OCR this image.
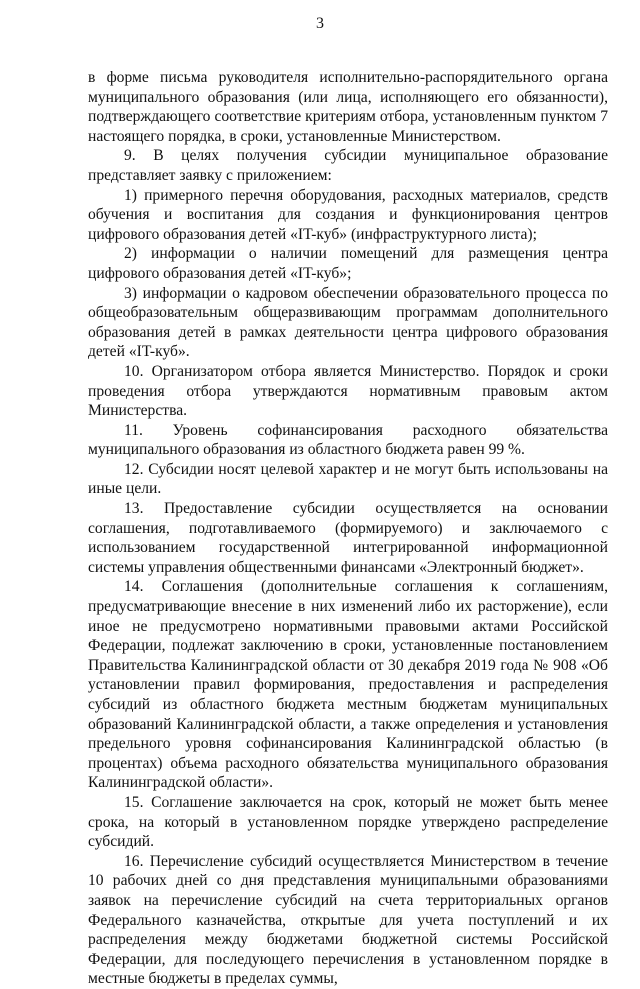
3

в форме письма руководителя исполнительно-распорядительного органа муниципального образования (или лица, исполняющего его обязанности), подтверждающего соответствие критериям отбора, установленным пунктом 7 настоящего порядка, в сроки, установленные Министерством.

9. В целях получения субсидии муниципальное образование представляет заявку с приложением:

1) примерного перечня оборудования, расходных материалов, средств обучения и воспитания для создания и функционирования центров цифрового образования детей «IT-куб» (инфраструктурного листа);

2) информации о наличии помещений для размещения центра цифрового образования детей «IT-куб»;

3) информации о кадровом обеспечении образовательного процесса по общеобразовательным общеразвивающим программам дополнительного образования детей в рамках деятельности центра цифрового образования детей «IT-куб».

10. Организатором отбора является Министерство. Порядок и сроки проведения отбора утверждаются нормативным правовым актом Министерства.

11. Уровень софинансирования расходного обязательства муниципального образования из областного бюджета равен 99 %.

12. Субсидии носят целевой характер и не могут быть использованы на иные цели.

13. Предоставление субсидии осуществляется на основании соглашения, подготавливаемого (формируемого) и заключаемого с использованием государственной интегрированной информационной системы управления общественными финансами «Электронный бюджет».

14. Соглашения (дополнительные соглашения к соглашениям, предусматривающие внесение в них изменений либо их расторжение), если иное не предусмотрено нормативными правовыми актами Российской Федерации, подлежат заключению в сроки, установленные постановлением Правительства Калининградской области от 30 декабря 2019 года № 908 «Об установлении правил формирования, предоставления и распределения субсидий из областного бюджета местным бюджетам муниципальных образований Калининградской области, а также определения и установления предельного уровня софинансирования Калининградской областью (в процентах) объема расходного обязательства муниципального образования Калининградской области».

15. Соглашение заключается на срок, который не может быть менее срока, на который в установленном порядке утверждено распределение субсидий.

16. Перечисление субсидий осуществляется Министерством в течение 10 рабочих дней со дня представления муниципальными образованиями заявок на перечисление субсидий на счета территориальных органов Федерального казначейства, открытые для учета поступлений и их распределения между бюджетами бюджетной системы Российской Федерации, для последующего перечисления в установленном порядке в местные бюджеты в пределах суммы,
